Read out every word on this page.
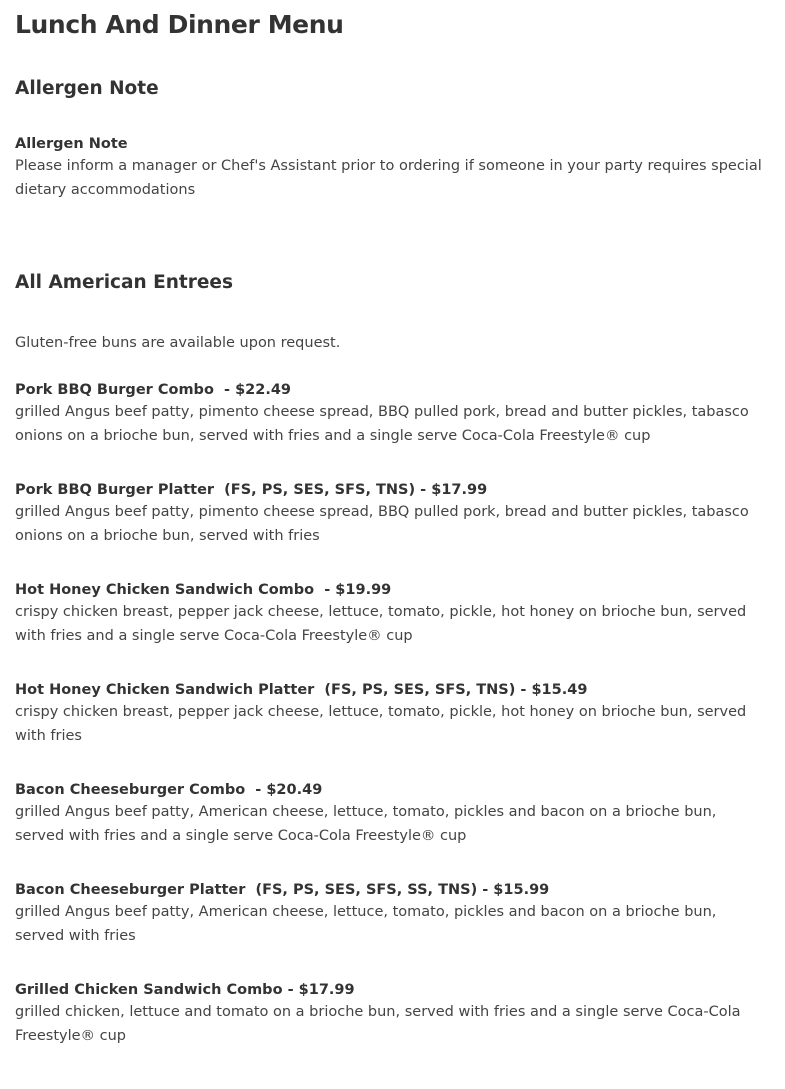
Lunch And Dinner Menu
Allergen Note

Allergen Note

Please inform a manager or Chef's Assistant prior to ordering if someone in your party requires special dietary accommodations

All American Entrees

Gluten-free buns are available upon request.

Pork BBQ Burger Combo  - $22.49

grilled Angus beef patty, pimento cheese spread, BBQ pulled pork, bread and butter pickles, tabasco onions on a brioche bun, served with fries and a single serve Coca-Cola Freestyle® cup

Pork BBQ Burger Platter  (FS, PS, SES, SFS, TNS) - $17.99

grilled Angus beef patty, pimento cheese spread, BBQ pulled pork, bread and butter pickles, tabasco onions on a brioche bun, served with fries

Hot Honey Chicken Sandwich Combo  - $19.99

crispy chicken breast, pepper jack cheese, lettuce, tomato, pickle, hot honey on brioche bun, served with fries and a single serve Coca-Cola Freestyle® cup

Hot Honey Chicken Sandwich Platter  (FS, PS, SES, SFS, TNS) - $15.49

crispy chicken breast, pepper jack cheese, lettuce, tomato, pickle, hot honey on brioche bun, served with fries

Bacon Cheeseburger Combo  - $20.49

grilled Angus beef patty, American cheese, lettuce, tomato, pickles and bacon on a brioche bun, served with fries and a single serve Coca-Cola Freestyle® cup

Bacon Cheeseburger Platter  (FS, PS, SES, SFS, SS, TNS) - $15.99

grilled Angus beef patty, American cheese, lettuce, tomato, pickles and bacon on a brioche bun, served with fries

Grilled Chicken Sandwich Combo - $17.99

grilled chicken, lettuce and tomato on a brioche bun, served with fries and a single serve Coca-Cola Freestyle® cup
